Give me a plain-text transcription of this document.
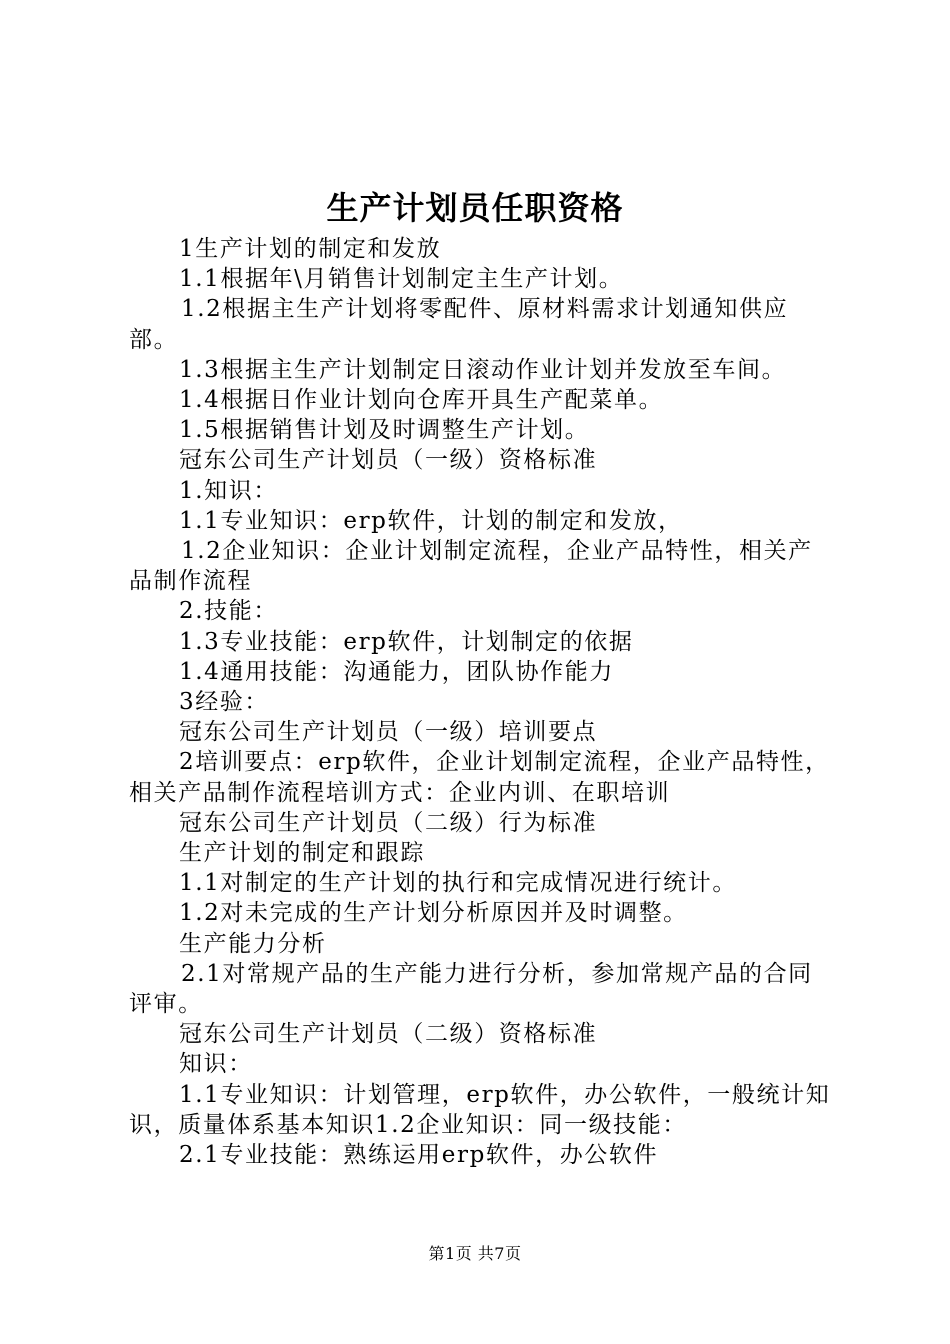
生产计划员任职资格

1生产计划的制定和发放

1.1根据年\月销售计划制定主生产计划。

1.2根据主生产计划将零配件、原材料需求计划通知供应部。

1.3根据主生产计划制定日滚动作业计划并发放至车间。

1.4根据日作业计划向仓库开具生产配菜单。

1.5根据销售计划及时调整生产计划。

冠东公司生产计划员（一级）资格标准

1.知识：

1.1专业知识：erp软件，计划的制定和发放，

1.2企业知识：企业计划制定流程，企业产品特性，相关产品制作流程

2.技能：

1.3专业技能：erp软件，计划制定的依据

1.4通用技能：沟通能力，团队协作能力

3经验：

冠东公司生产计划员（一级）培训要点

2培训要点：erp软件，企业计划制定流程，企业产品特性，相关产品制作流程培训方式：企业内训、在职培训

冠东公司生产计划员（二级）行为标准

生产计划的制定和跟踪

1.1对制定的生产计划的执行和完成情况进行统计。

1.2对未完成的生产计划分析原因并及时调整。

生产能力分析

2.1对常规产品的生产能力进行分析，参加常规产品的合同评审。

冠东公司生产计划员（二级）资格标准

知识：

1.1专业知识：计划管理，erp软件，办公软件，一般统计知识，质量体系基本知识1.2企业知识：同一级技能：

2.1专业技能：熟练运用erp软件，办公软件

第1页 共7页
